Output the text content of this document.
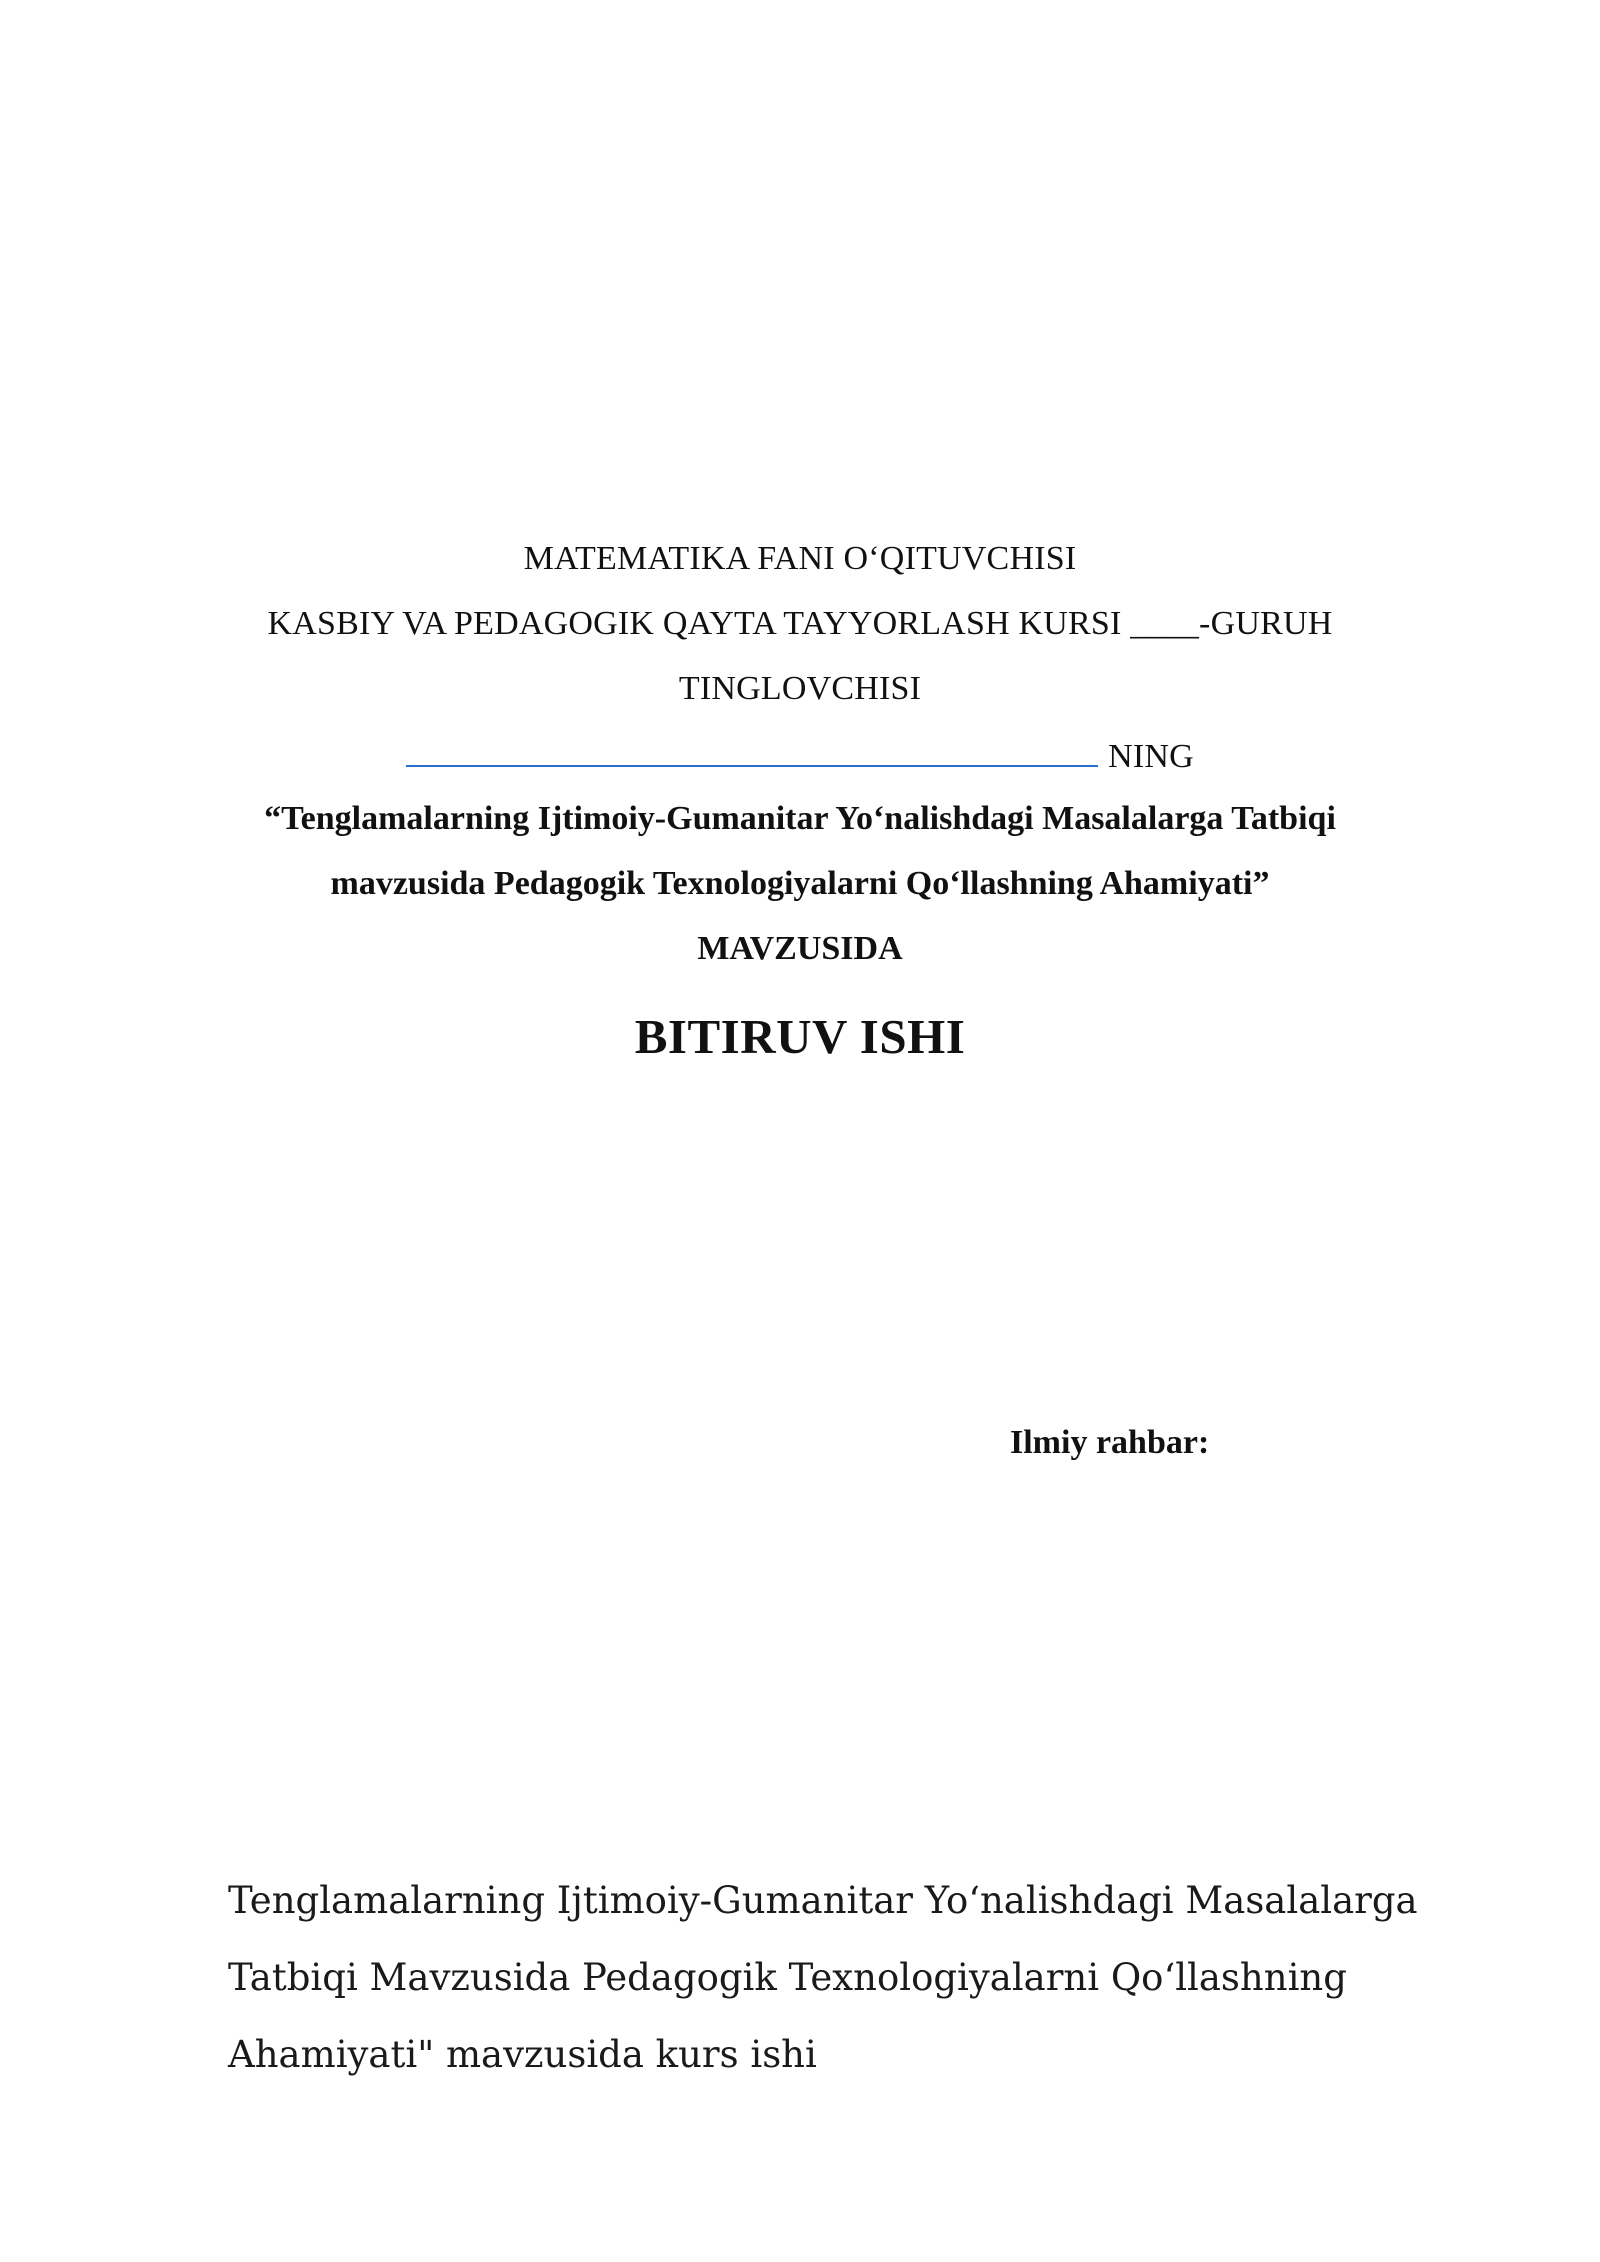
MATEMATIKA FANI O‘QITUVCHISI
KASBIY VA PEDAGOGIK QAYTA TAYYORLASH KURSI ____-GURUH
TINGLOVCHISI
NING
“Tenglamalarning Ijtimoiy-Gumanitar Yo‘nalishdagi Masalalarga Tatbiqi
mavzusida Pedagogik Texnologiyalarni Qo‘llashning Ahamiyati”
MAVZUSIDA
BITIRUV ISHI
Ilmiy rahbar:
Tenglamalarning Ijtimoiy-Gumanitar Yo‘nalishdagi Masalalarga
Tatbiqi Mavzusida Pedagogik Texnologiyalarni Qo‘llashning
Ahamiyati" mavzusida kurs ishi
